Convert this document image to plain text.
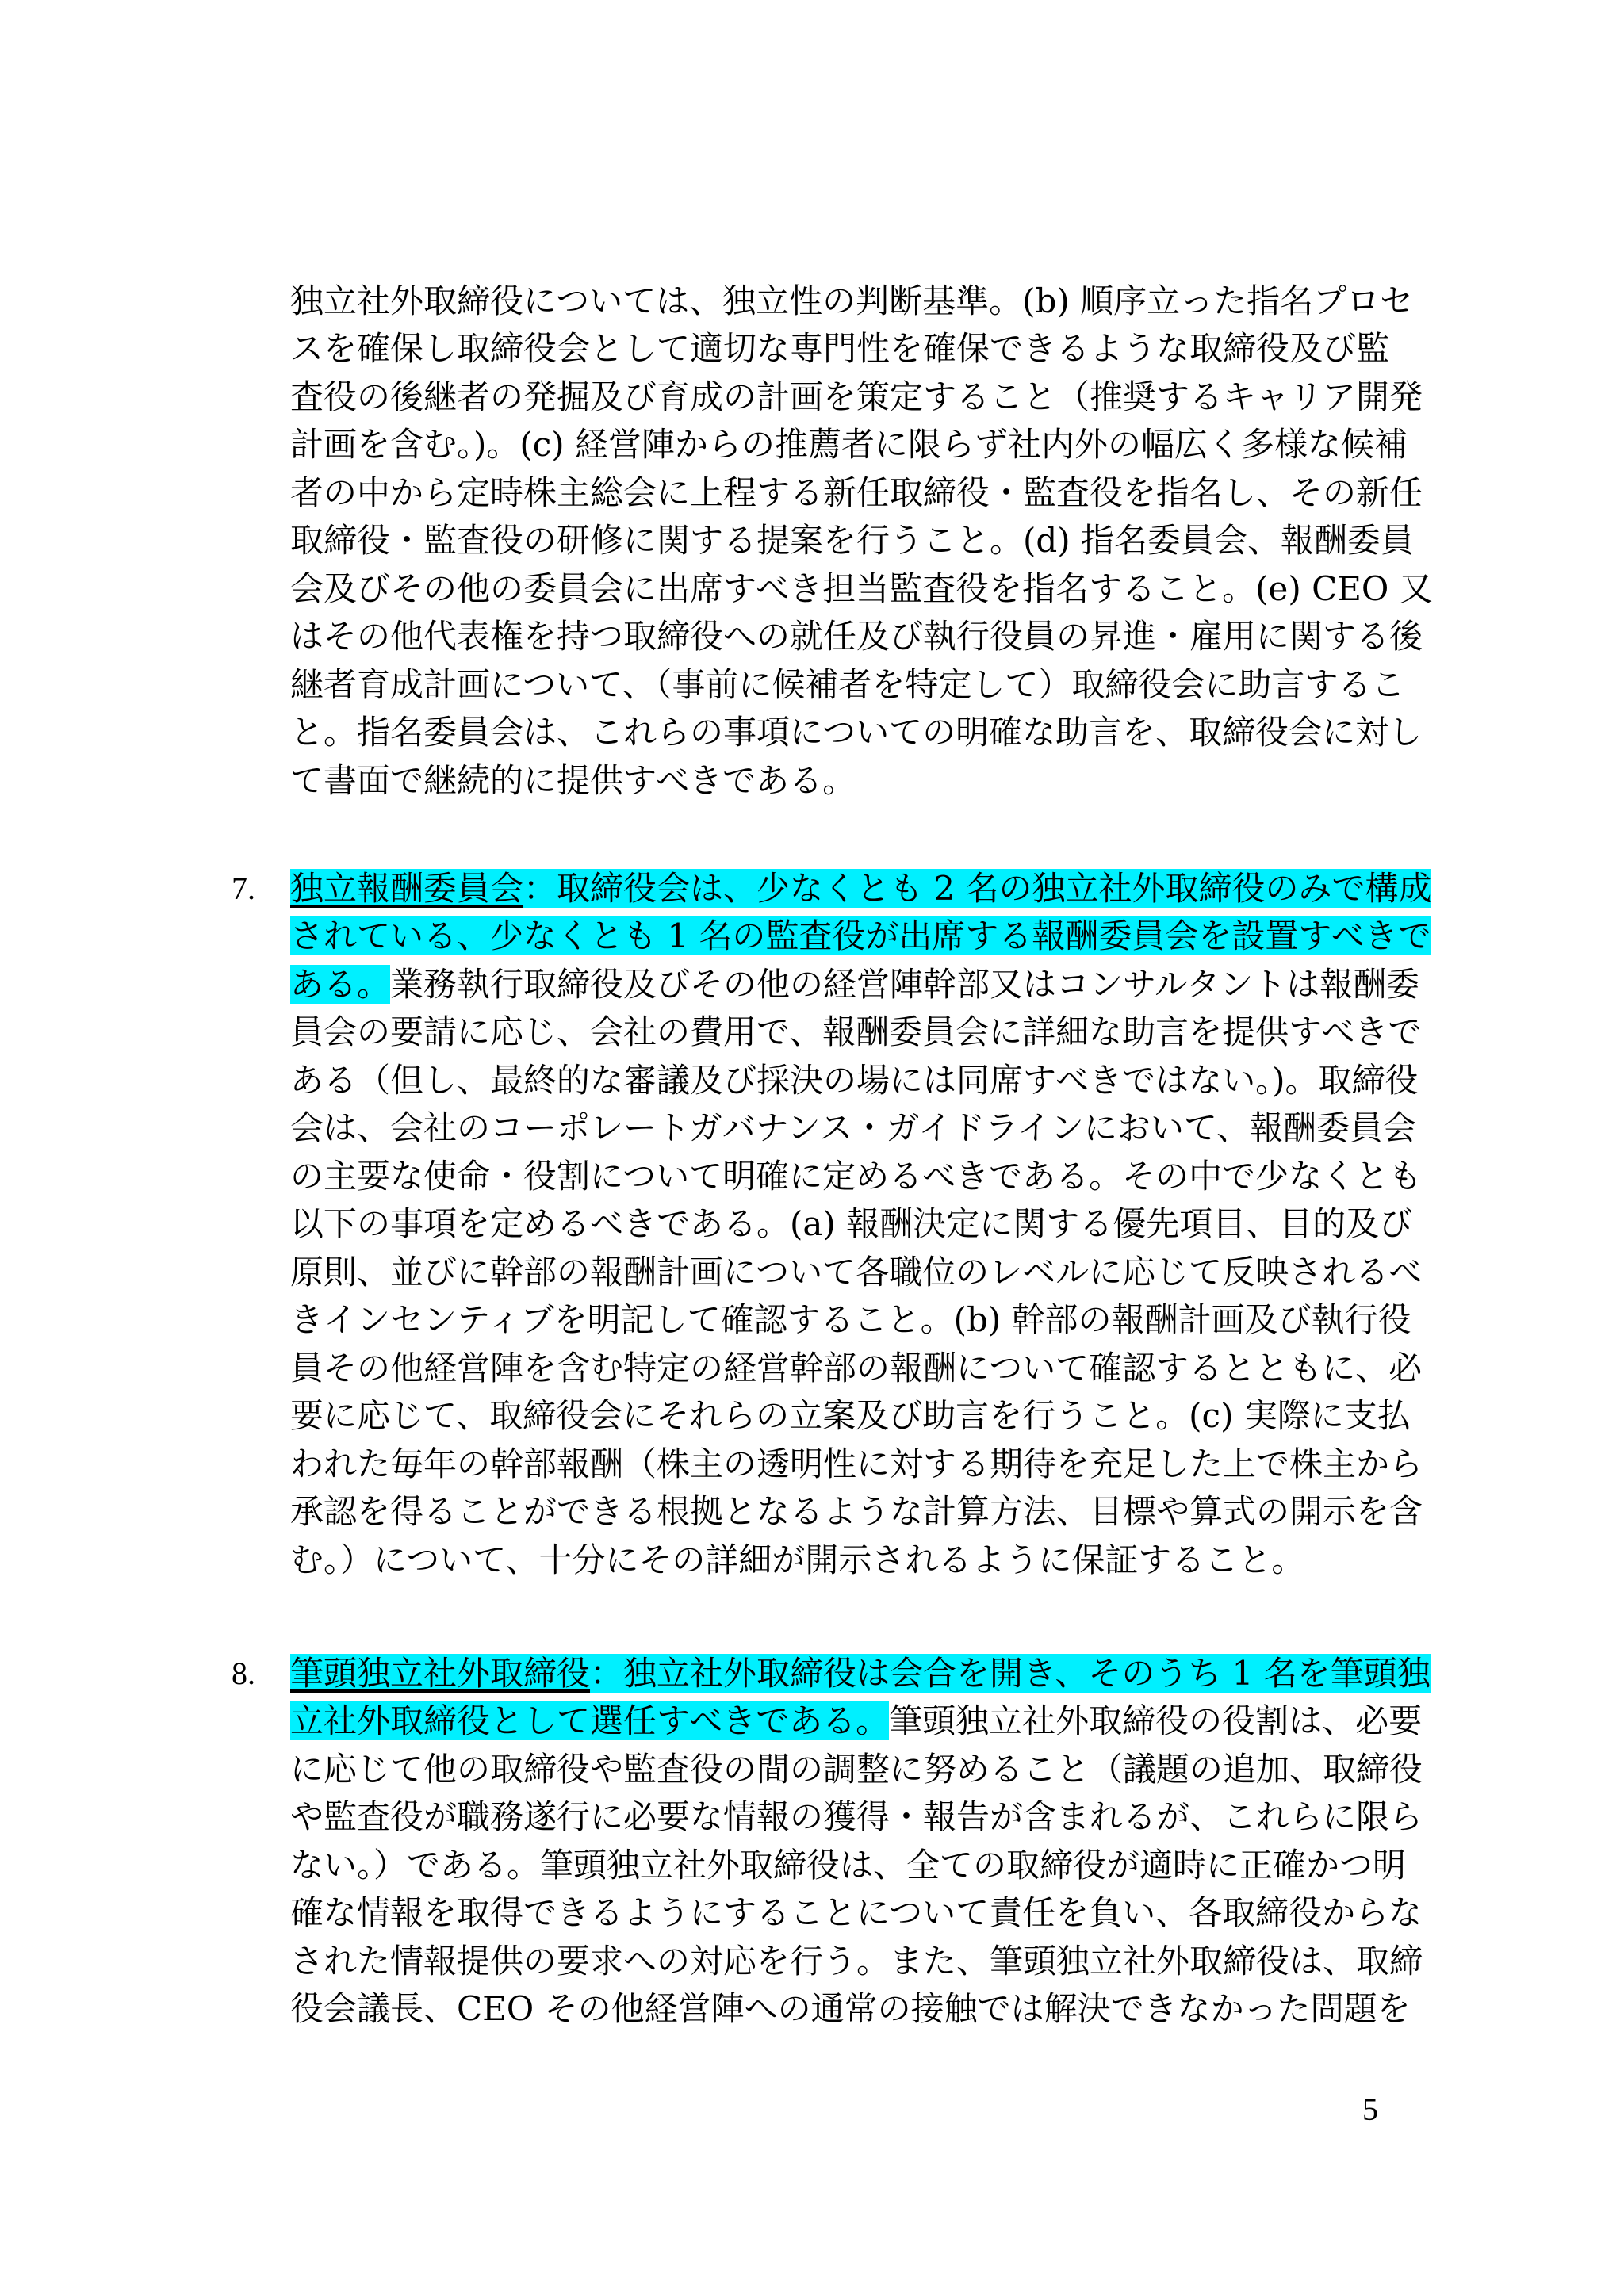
独立社外取締役については、独立性の判断基準。(b) 順序立った指名プロセ
スを確保し取締役会として適切な専門性を確保できるような取締役及び監
査役の後継者の発掘及び育成の計画を策定すること（推奨するキャリア開発
計画を含む。)。(c) 経営陣からの推薦者に限らず社内外の幅広く多様な候補
者の中から定時株主総会に上程する新任取締役・監査役を指名し、その新任
取締役・監査役の研修に関する提案を行うこと。(d) 指名委員会、報酬委員
会及びその他の委員会に出席すべき担当監査役を指名すること。(e) CEO 又
はその他代表権を持つ取締役への就任及び執行役員の昇進・雇用に関する後
継者育成計画について、（事前に候補者を特定して）取締役会に助言するこ
と。指名委員会は、これらの事項についての明確な助言を、取締役会に対し
て書面で継続的に提供すべきである。
7. 独立報酬委員会：取締役会は、少なくとも 2 名の独立社外取締役のみで構成
されている、少なくとも 1 名の監査役が出席する報酬委員会を設置すべきで
ある。業務執行取締役及びその他の経営陣幹部又はコンサルタントは報酬委
員会の要請に応じ、会社の費用で、報酬委員会に詳細な助言を提供すべきで
ある（但し、最終的な審議及び採決の場には同席すべきではない。)。取締役
会は、会社のコーポレートガバナンス・ガイドラインにおいて、報酬委員会
の主要な使命・役割について明確に定めるべきである。その中で少なくとも
以下の事項を定めるべきである。(a) 報酬決定に関する優先項目、目的及び
原則、並びに幹部の報酬計画について各職位のレベルに応じて反映されるべ
きインセンティブを明記して確認すること。(b) 幹部の報酬計画及び執行役
員その他経営陣を含む特定の経営幹部の報酬について確認するとともに、必
要に応じて、取締役会にそれらの立案及び助言を行うこと。(c) 実際に支払
われた毎年の幹部報酬（株主の透明性に対する期待を充足した上で株主から
承認を得ることができる根拠となるような計算方法、目標や算式の開示を含
む。）について、十分にその詳細が開示されるように保証すること。
8. 筆頭独立社外取締役：独立社外取締役は会合を開き、そのうち 1 名を筆頭独
立社外取締役として選任すべきである。筆頭独立社外取締役の役割は、必要
に応じて他の取締役や監査役の間の調整に努めること（議題の追加、取締役
や監査役が職務遂行に必要な情報の獲得・報告が含まれるが、これらに限ら
ない。）である。筆頭独立社外取締役は、全ての取締役が適時に正確かつ明
確な情報を取得できるようにすることについて責任を負い、各取締役からな
された情報提供の要求への対応を行う。また、筆頭独立社外取締役は、取締
役会議長、CEO その他経営陣への通常の接触では解決できなかった問題を
5
